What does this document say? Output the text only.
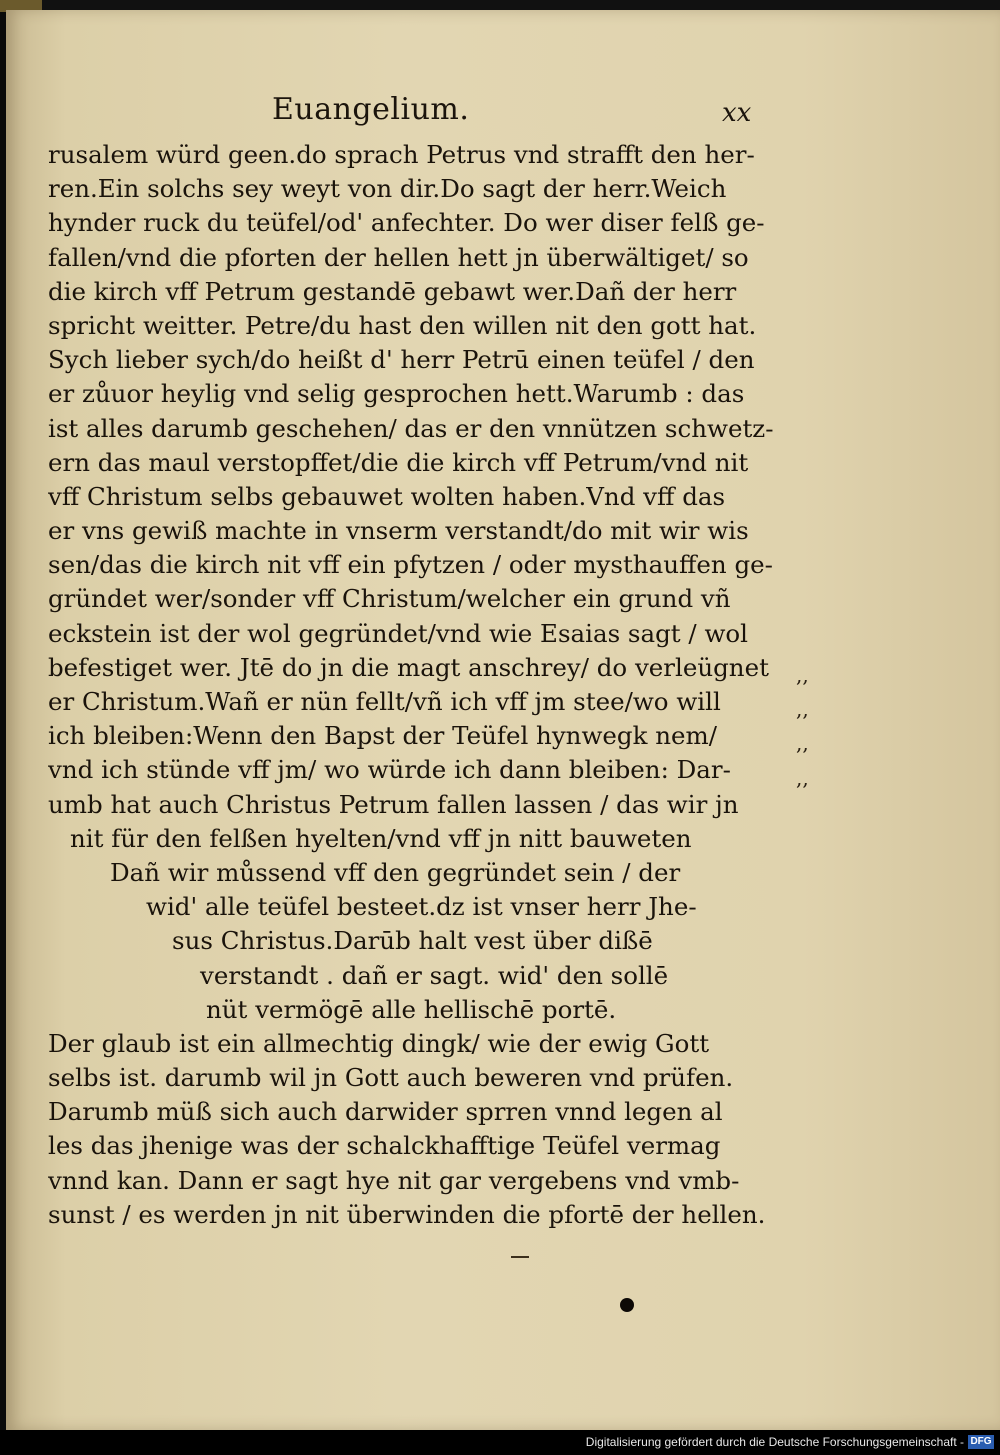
Euangelium.	xx
rusalem würd geen.do sprach Petrus vnd strafft den her-
ren.Ein solchs sey weyt von dir.Do sagt der herr.Weich
hynder ruck du teüfel/od' anfechter. Do wer diser felß ge-
fallen/vnd die pforten der hellen hett jn überwältiget/ so
die kirch vff Petrum gestandē gebawt wer.Dañ der herr
spricht weitter. Petre/du hast den willen nit den gott hat.
Sych lieber sych/do heißt d' herr Petrū einen teüfel / den
er zůuor heylig vnd selig gesprochen hett.Warumb : das
ist alles darumb geschehen/ das er den vnnützen schwetz-
ern das maul verstopffet/die die kirch vff Petrum/vnd nit
vff Christum selbs gebauwet wolten haben.Vnd vff das
er vns gewiß machte in vnserm verstandt/do mit wir wis
sen/das die kirch nit vff ein pfytzen / oder mysthauffen ge-
gründet wer/sonder vff Christum/welcher ein grund vñ
eckstein ist der wol gegründet/vnd wie Esaias sagt / wol
befestiget wer. Jtē do jn die magt anschrey/ do verleügnet
er Christum.Wañ er nün fellt/vñ ich vff jm stee/wo will
ich bleiben:Wenn den Bapst der Teüfel hynwegk nem/
vnd ich stünde vff jm/ wo würde ich dann bleiben: Dar-
umb hat auch Christus Petrum fallen lassen / das wir jn
nit für den felßen hyelten/vnd vff jn nitt bauweten
Dañ wir můssend vff den gegründet sein / der
wid' alle teüfel besteet.dz ist vnser herr Jhe-
sus Christus.Darūb halt vest über dißē
verstandt . dañ er sagt. wid' den sollē
nüt vermögē alle hellischē portē.
Der glaub ist ein allmechtig dingk/ wie der ewig Gott
selbs ist. darumb wil jn Gott auch beweren vnd prüfen.
Darumb müß sich auch darwider sprren vnnd legen al
les das jhenige was der schalckhafftige Teüfel vermag
vnnd kan. Dann er sagt hye nit gar vergebens vnd vmb-
sunst / es werden jn nit überwinden die pfortē der hellen.
,,
,,
,,
,,
Digitalisierung gefördert durch die Deutsche Forschungsgemeinschaft - DFG
